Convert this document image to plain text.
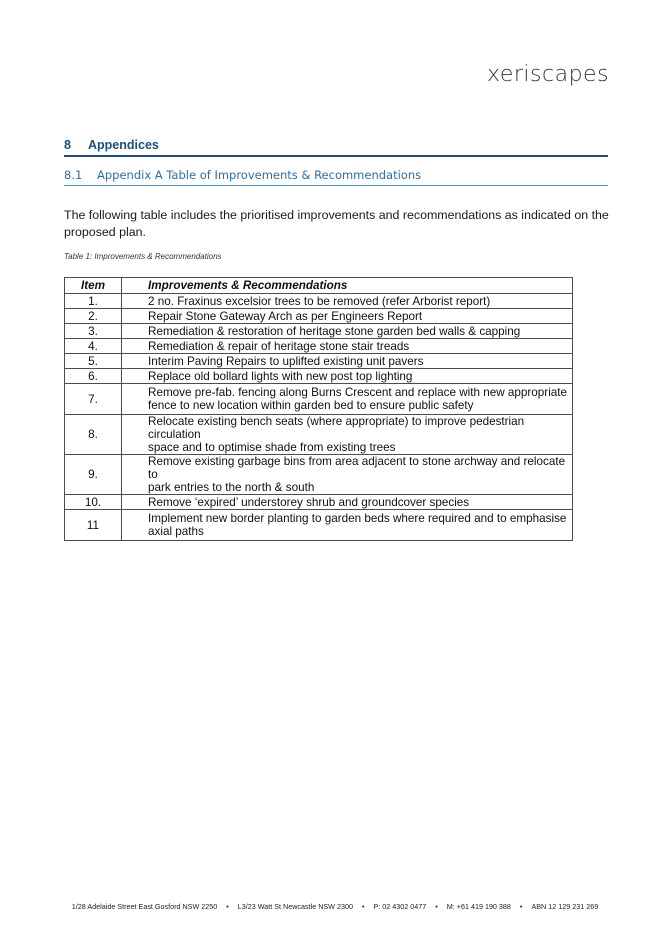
xeriscapes
8 Appendices
8.1 Appendix A Table of Improvements & Recommendations
The following table includes the prioritised improvements and recommendations as indicated on the proposed plan.
Table 1: Improvements & Recommendations
Item	Improvements & Recommendations
1.	2 no. Fraxinus excelsior trees to be removed (refer Arborist report)

2.	Repair Stone Gateway Arch as per Engineers Report

3.	Remediation & restoration of heritage stone garden bed walls & capping

4.	Remediation & repair of heritage stone stair treads

5.	Interim Paving Repairs to uplifted existing unit pavers

6.	Replace old bollard lights with new post top lighting

7.	Remove pre-fab. fencing along Burns Crescent and replace with new appropriate
fence to new location within garden bed to ensure public safety

8.	Relocate existing bench seats (where appropriate) to improve pedestrian circulation
space and to optimise shade from existing trees

9.	Remove existing garbage bins from area adjacent to stone archway and relocate to
park entries to the north & south

10.	Remove ‘expired’ understorey shrub and groundcover species

11	Implement new border planting to garden beds where required and to emphasise
axial paths
1/28 Adelaide Street East Gosford NSW 2250 • L3/23 Watt St Newcastle NSW 2300 • P: 02 4302 0477 • M: +61 419 190 388 • ABN 12 129 231 269
